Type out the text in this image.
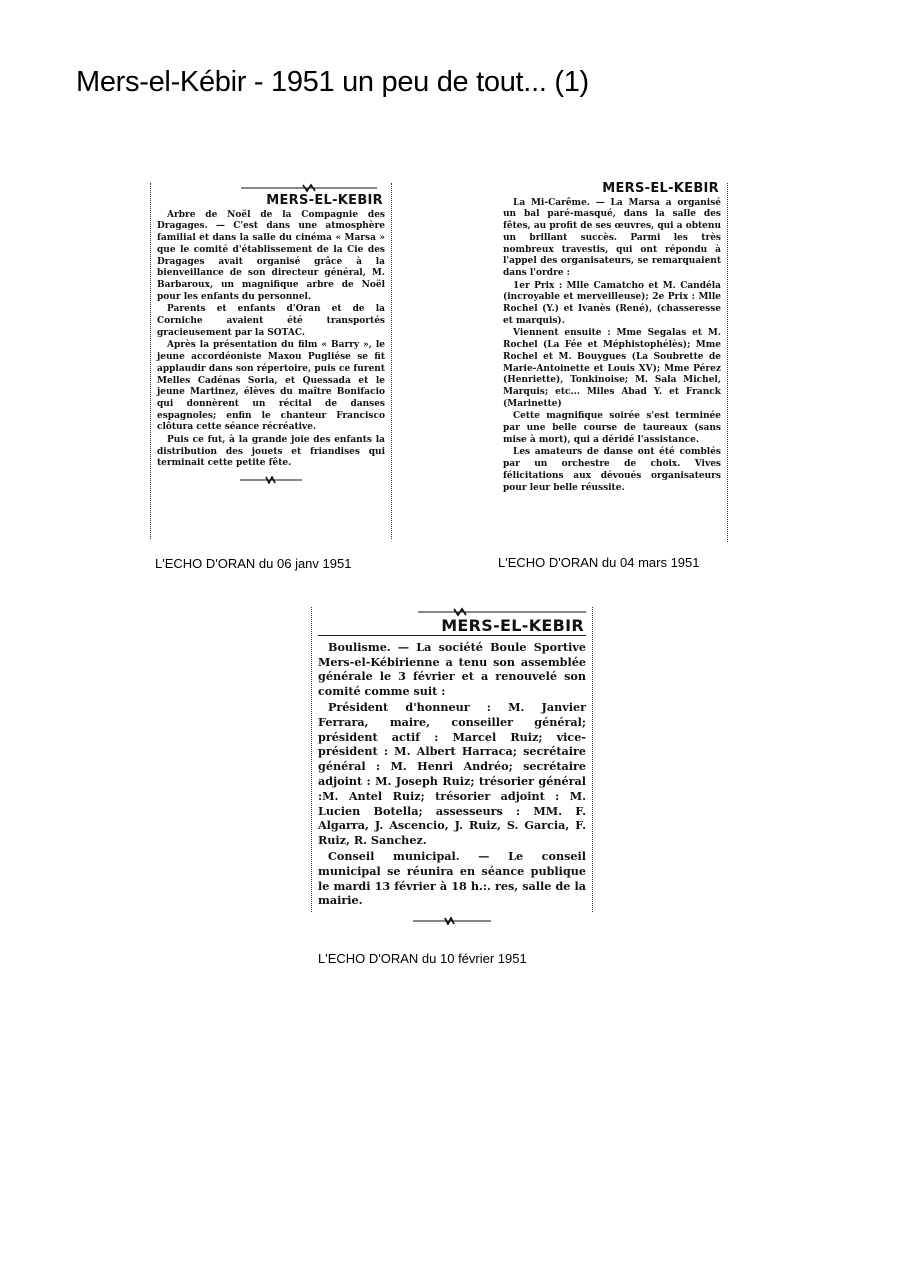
Mers-el-Kébir - 1951 un peu de tout... (1)
MERS-EL-KEBIR

Arbre de Noël de la Compagnie des Dragages. — C'est dans une atmosphère familial et dans la salle du cinéma « Marsa » que le comité d'établissement de la Cie des Dragages avait organisé grâce à la bienveillance de son directeur général, M. Barbaroux, un magnifique arbre de Noël pour les enfants du personnel.

Parents et enfants d'Oran et de la Corniche avaient été transportés gracieusement par la SOTAC.

Après la présentation du film « Barry », le jeune accordéoniste Maxou Pugliése se fit applaudir dans son répertoire, puis ce furent Melles Cadénas Soria, et Quessada et le jeune Martinez, élèves du maître Bonifacio qui donnèrent un récital de danses espagnoles; enfin le chanteur Francisco clôtura cette séance récréative.

Puis ce fut, à la grande joie des enfants la distribution des jouets et friandises qui terminait cette petite fête.

L'ECHO D'ORAN du 06 janv 1951
MERS-EL-KEBIR

La Mi-Carême. — La Marsa a organisé un bal paré-masqué, dans la salle des fêtes, au profit de ses œuvres, qui a obtenu un brillant succès. Parmi les très nombreux travestis, qui ont répondu à l'appel des organisateurs, se remarquaient dans l'ordre :

1er Prix : Mlle Camatcho et M. Candéla (incroyable et merveilleuse); 2e Prix : Mlle Rochel (Y.) et Ivanès (René), (chasseresse et marquis).

Viennent ensuite : Mme Segalas et M. Rochel (La Fée et Méphistophélès); Mme Rochel et M. Bouygues (La Soubrette de Marie-Antoinette et Louis XV); Mme Pérez (Henriette), Tonkinoise; M. Sala Michel, Marquis; etc... Miles Abad Y. et Franck (Marinette)

Cette magnifique soirée s'est terminée par une belle course de taureaux (sans mise à mort), qui a déridé l'assistance.

Les amateurs de danse ont été comblés par un orchestre de choix. Vives félicitations aux dévoués organisateurs pour leur belle réussite.

L'ECHO D'ORAN du 04 mars 1951
MERS-EL-KEBIR

Boulisme. — La société Boule Sportive Mers-el-Kébirienne a tenu son assemblée générale le 3 février et a renouvelé son comité comme suit :

Président d'honneur : M. Janvier Ferrara, maire, conseiller général; président actif : Marcel Ruiz; vice-président : M. Albert Harraca; secrétaire général : M. Henri Andréo; secrétaire adjoint : M. Joseph Ruiz; trésorier général :M. Antel Ruiz; trésorier adjoint : M. Lucien Botella; assesseurs : MM. F. Algarra, J. Ascencio, J. Ruiz, S. Garcia, F. Ruiz, R. Sanchez.

Conseil municipal. — Le conseil municipal se réunira en séance publique le mardi 13 février à 18 h.:. res, salle de la mairie.

L'ECHO D'ORAN du 10 février 1951
